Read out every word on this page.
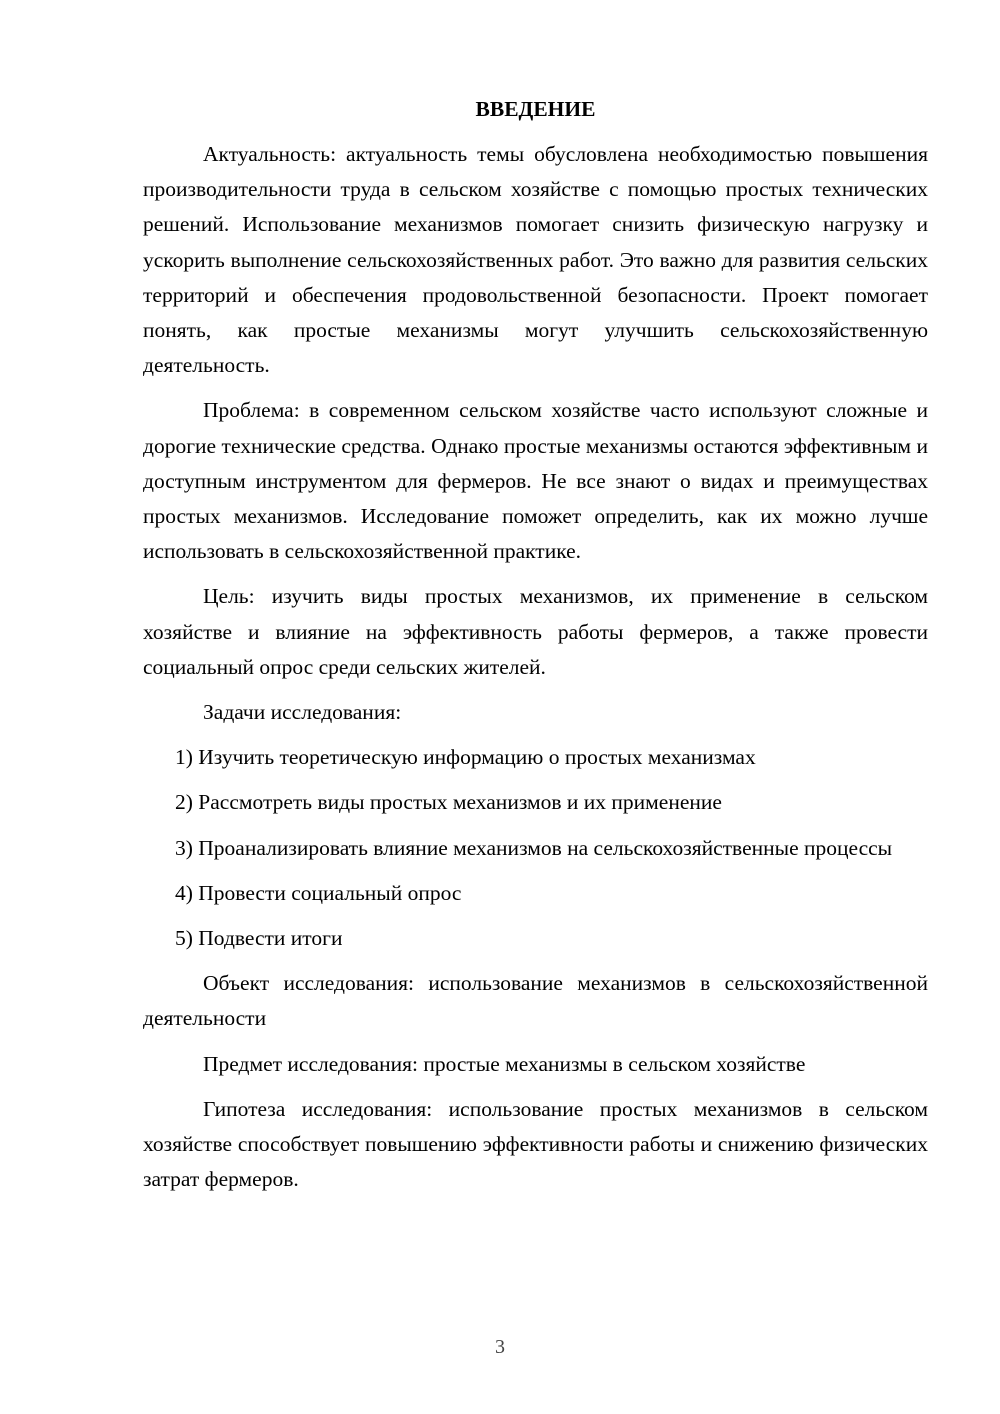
ВВЕДЕНИЕ

Актуальность: актуальность темы обусловлена необходимостью повышения производительности труда в сельском хозяйстве с помощью простых технических решений. Использование механизмов помогает снизить физическую нагрузку и ускорить выполнение сельскохозяйственных работ. Это важно для развития сельских территорий и обеспечения продовольственной безопасности. Проект помогает понять, как простые механизмы могут улучшить сельскохозяйственную деятельность.

Проблема: в современном сельском хозяйстве часто используют сложные и дорогие технические средства. Однако простые механизмы остаются эффективным и доступным инструментом для фермеров. Не все знают о видах и преимуществах простых механизмов. Исследование поможет определить, как их можно лучше использовать в сельскохозяйственной практике.

Цель: изучить виды простых механизмов, их применение в сельском хозяйстве и влияние на эффективность работы фермеров, а также провести социальный опрос среди сельских жителей.

Задачи исследования:

1) Изучить теоретическую информацию о простых механизмах

2) Рассмотреть виды простых механизмов и их применение

3) Проанализировать влияние механизмов на сельскохозяйственные процессы

4) Провести социальный опрос

5) Подвести итоги

Объект исследования: использование механизмов в сельскохозяйственной деятельности

Предмет исследования: простые механизмы в сельском хозяйстве

Гипотеза исследования: использование простых механизмов в сельском хозяйстве способствует повышению эффективности работы и снижению физических затрат фермеров.

3
